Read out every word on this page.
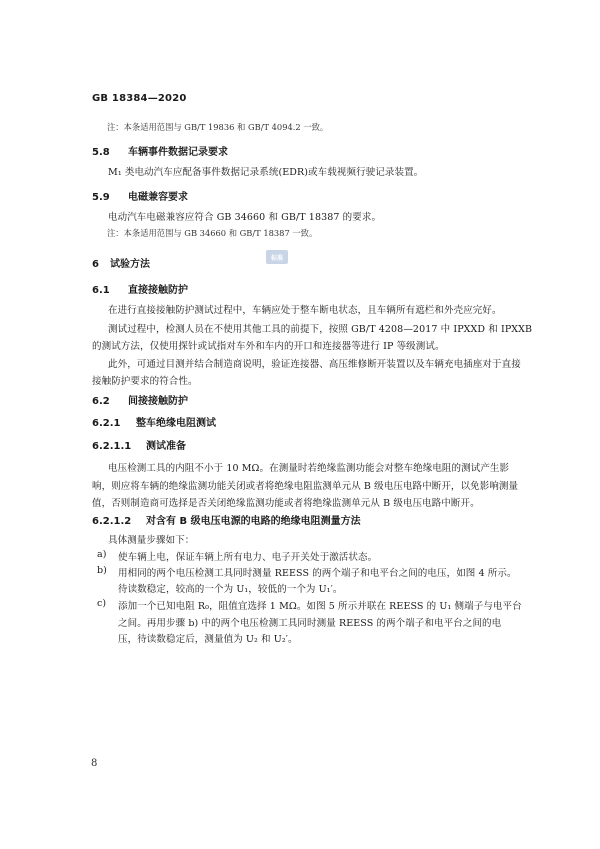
GB 18384—2020
注：本条适用范围与 GB/T 19836 和 GB/T 4094.2 一致。
5.8 车辆事件数据记录要求
M₁ 类电动汽车应配备事件数据记录系统(EDR)或车载视频行驶记录装置。
5.9 电磁兼容要求
电动汽车电磁兼容应符合 GB 34660 和 GB/T 18387 的要求。
注：本条适用范围与 GB 34660 和 GB/T 18387 一致。
标准
6 试验方法
6.1 直接接触防护
在进行直接接触防护测试过程中，车辆应处于整车断电状态，且车辆所有遮栏和外壳应完好。
测试过程中，检测人员在不使用其他工具的前提下，按照 GB/T 4208—2017 中 IPXXD 和 IPXXB
的测试方法，仅使用探针或试指对车外和车内的开口和连接器等进行 IP 等级测试。
此外，可通过目测并结合制造商说明，验证连接器、高压维修断开装置以及车辆充电插座对于直接
接触防护要求的符合性。
6.2 间接接触防护
6.2.1 整车绝缘电阻测试
6.2.1.1 测试准备
电压检测工具的内阻不小于 10 MΩ。在测量时若绝缘监测功能会对整车绝缘电阻的测试产生影
响，则应将车辆的绝缘监测功能关闭或者将绝缘电阻监测单元从 B 级电压电路中断开，以免影响测量
值，否则制造商可选择是否关闭绝缘监测功能或者将绝缘监测单元从 B 级电压电路中断开。
6.2.1.2 对含有 B 级电压电源的电路的绝缘电阻测量方法
具体测量步骤如下：
a) 使车辆上电，保证车辆上所有电力、电子开关处于激活状态。
b) 用相同的两个电压检测工具同时测量 REESS 的两个端子和电平台之间的电压，如图 4 所示。
待读数稳定，较高的一个为 U₁，较低的一个为 U₁′。
c) 添加一个已知电阻 R₀，阻值宜选择 1 MΩ。如图 5 所示并联在 REESS 的 U₁ 侧端子与电平台
之间。再用步骤 b) 中的两个电压检测工具同时测量 REESS 的两个端子和电平台之间的电
压，待读数稳定后，测量值为 U₂ 和 U₂′。
8
